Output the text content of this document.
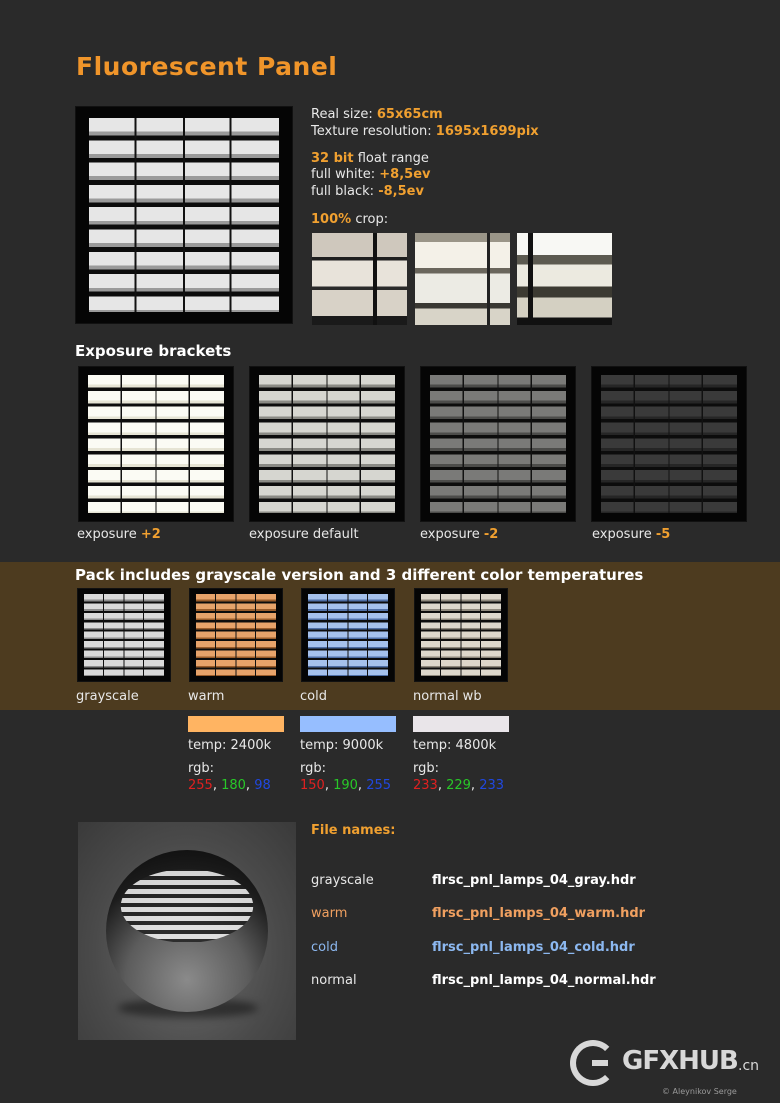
Fluorescent Panel
Real size: 65x65cm
Texture resolution: 1695x1699pix
32 bit float range
full white: +8,5ev
full black: -8,5ev
100% crop:
Exposure brackets
exposure +2	exposure default	exposure -2	exposure -5
Pack includes grayscale version and 3 different color temperatures
grayscale	warm	cold	normal wb
temp: 2400k temp: 9000k temp: 4800k
rgb:	rgb:	rgb:
255, 180, 98 150, 190, 255 233, 229, 233
File names:
grayscale	flrsc_pnl_lamps_04_gray.hdr
warm	flrsc_pnl_lamps_04_warm.hdr
cold	flrsc_pnl_lamps_04_cold.hdr
normal	flrsc_pnl_lamps_04_normal.hdr
GFXHUB .cn
© Aleynikov Serge
